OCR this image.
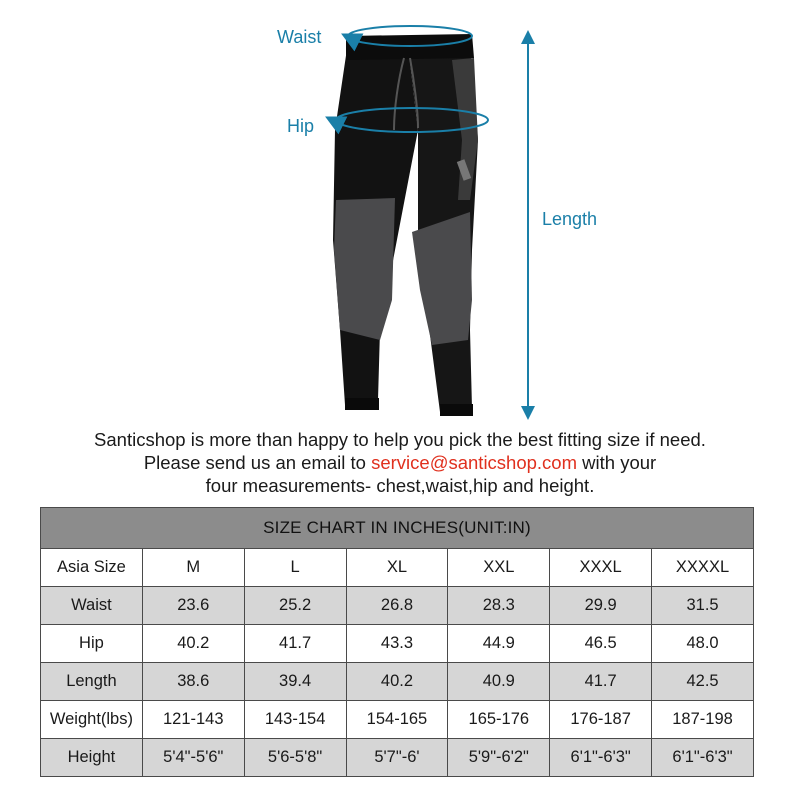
Waist
Hip
Length
Santicshop is more than happy to help you pick the best fitting size if need.
Please send us an email to service@santicshop.com with your
four measurements- chest,waist,hip and height.
SIZE CHART IN INCHES(UNIT:IN)						
Asia Size	M	L	XL	XXL	XXXL	XXXXL
Waist	23.6	25.2	26.8	28.3	29.9	31.5
Hip	40.2	41.7	43.3	44.9	46.5	48.0
Length	38.6	39.4	40.2	40.9	41.7	42.5
Weight(lbs)	121-143	143-154	154-165	165-176	176-187	187-198
Height	5'4"-5'6"	5'6-5'8"	5'7"-6'	5'9"-6'2"	6'1"-6'3"	6'1"-6'3"
